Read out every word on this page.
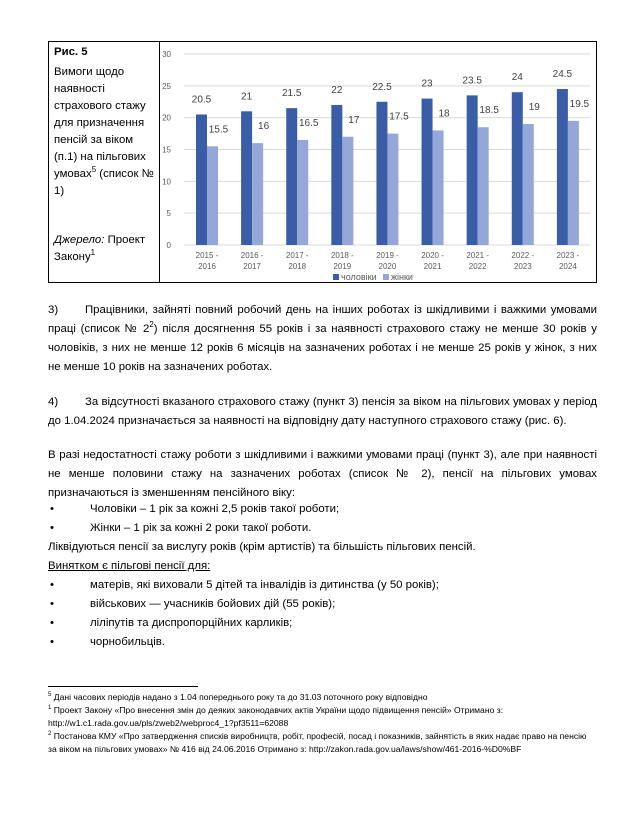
Рис. 5
Вимоги щодо наявності страхового стажу для призначення пенсій за віком (п.1) на пільгових умовах$^5$ (список № 1)
Джерело: Проект Закону$^1$
0
5
10
15
20
25
30
20.5
15.5
2015 -
2016
21
16
2016 -
2017
21.5
16.5
2017 -
2018
22
17
2018 -
2019
22.5
17.5
2019 -
2020
23
18
2020 -
2021
23.5
18.5
2021 -
2022
24
19
2022 -
2023
24.5
19.5
2023 -
2024
чоловіки жінки

3) Працівники, зайняті повний робочий день на інших роботах із шкідливими і важкими умовами праці (список № $2^2$) після досягнення 55 років і за наявності страхового стажу не менше 30 років у чоловіків, з них не менше 12 років 6 місяців на зазначених роботах і не менше 25 років у жінок, з них не менше 10 років на зазначених роботах.

4) За відсутності вказаного страхового стажу (пункт 3) пенсія за віком на пільгових умовах у період до 1.04.2024 призначається за наявності на відповідну дату наступного страхового стажу (рис. 6).

В разі недостатності стажу роботи з шкідливими і важкими умовами праці (пункт 3), але при наявності не менше половини стажу на зазначених роботах (список № 2), пенсії на пільгових умовах призначаються із зменшенням пенсійного віку:

•	Чоловіки – 1 рік за кожні 2,5 років такої роботи;
•	Жінки – 1 рік за кожні 2 роки такої роботи.
Ліквідуються пенсії за вислугу років (крім артистів) та більшість пільгових пенсій.
Винятком є пільгові пенсії для:
•	матерів, які виховали 5 дітей та інвалідів із дитинства (у 50 років);
•	військових — учасників бойових дій (55 років);
•	ліліпутів та диспропорційних карликів;
•	чорнобильців.

$^5$ Дані часових періодів надано з 1.04 попереднього року та до 31.03 поточного року відповідно

$^1$ Проект Закону «Про внесення змін до деяких законодавчих актів України щодо підвищення пенсій» Отримано з: http://w1.c1.rada.gov.ua/pls/zweb2/webproc4_1?pf3511=62088

$^2$ Постанова КМУ «Про затвердження списків виробництв, робіт, професій, посад і показників, зайнятість в яких надає право на пенсію за віком на пільгових умовах» № 416 від 24.06.2016 Отримано з: http://zakon.rada.gov.ua/laws/show/461-2016-%D0%BF
